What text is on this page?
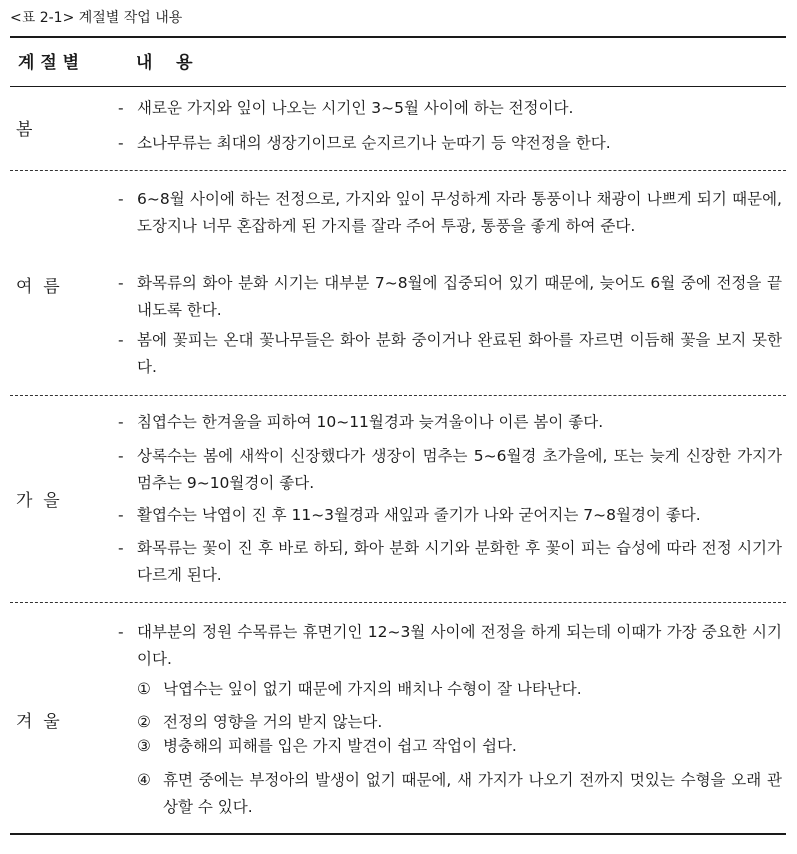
<표 2-1> 계절별 작업 내용
계 절 별	내    용
봄
- 새로운 가지와 잎이 나오는 시기인 3~5월 사이에 하는 전정이다.
- 소나무류는 최대의 생장기이므로 순지르기나 눈따기 등 약전정을 한다.
여  름
- 6~8월 사이에 하는 전정으로, 가지와 잎이 무성하게 자라 통풍이나 채광이 나쁘게 되기 때문에, 도장지나 너무 혼잡하게 된 가지를 잘라 주어 투광, 통풍을 좋게 하여 준다.
- 화목류의 화아 분화 시기는 대부분 7~8월에 집중되어 있기 때문에, 늦어도 6월 중에 전정을 끝내도록 한다.
- 봄에 꽃피는 온대 꽃나무들은 화아 분화 중이거나 완료된 화아를 자르면 이듬해 꽃을 보지 못한다.
가  을
- 침엽수는 한겨울을 피하여 10~11월경과 늦겨울이나 이른 봄이 좋다.
- 상록수는 봄에 새싹이 신장했다가 생장이 멈추는 5~6월경 초가을에, 또는 늦게 신장한 가지가 멈추는 9~10월경이 좋다.
- 활엽수는 낙엽이 진 후 11~3월경과 새잎과 줄기가 나와 굳어지는 7~8월경이 좋다.
- 화목류는 꽃이 진 후 바로 하되, 화아 분화 시기와 분화한 후 꽃이 피는 습성에 따라 전정 시기가 다르게 된다.
겨  울
- 대부분의 정원 수목류는 휴면기인 12~3월 사이에 전정을 하게 되는데 이때가 가장 중요한 시기이다.
① 낙엽수는 잎이 없기 때문에 가지의 배치나 수형이 잘 나타난다.
② 전정의 영향을 거의 받지 않는다.
③ 병충해의 피해를 입은 가지 발견이 쉽고 작업이 쉽다.
④ 휴면 중에는 부정아의 발생이 없기 때문에, 새 가지가 나오기 전까지 멋있는 수형을 오래 관상할 수 있다.
